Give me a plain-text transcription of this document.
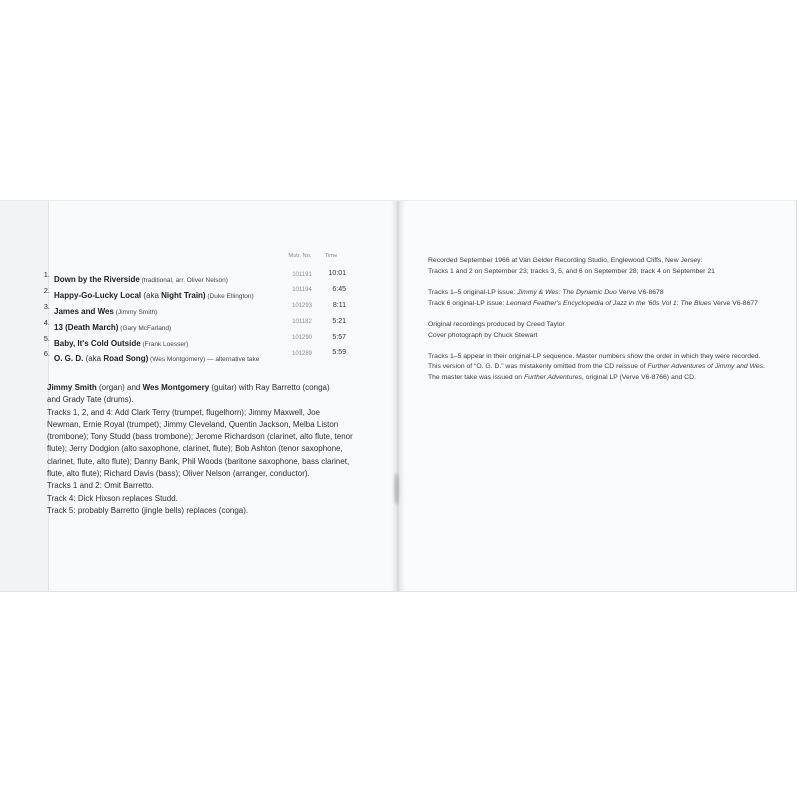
Mstr. No.	Time
1.
Down by the Riverside (traditional, arr. Oliver Nelson)
101191	10:01
2.
Happy-Go-Lucky Local (aka Night Train) (Duke Ellington)
101194	6:45
3.
James and Wes (Jimmy Smith)
101293	8:11
4.
13 (Death March) (Gary McFarland)
101182	5:21
5.
Baby, It's Cold Outside (Frank Loesser)
101290	5:57
6.
O. G. D. (aka Road Song) (Wes Montgomery) — alternative take
101289	5:59
Jimmy Smith (organ) and Wes Montgomery (guitar) with Ray Barretto (conga)
and Grady Tate (drums).
Tracks 1, 2, and 4: Add Clark Terry (trumpet, flugelhorn); Jimmy Maxwell, Joe
Newman, Ernie Royal (trumpet); Jimmy Cleveland, Quentin Jackson, Melba Liston
(trombone); Tony Studd (bass trombone); Jerome Richardson (clarinet, alto flute, tenor
flute); Jerry Dodgion (alto saxophone, clarinet, flute); Bob Ashton (tenor saxophone,
clarinet, flute, alto flute); Danny Bank, Phil Woods (baritone saxophone, bass clarinet,
flute, alto flute); Richard Davis (bass); Oliver Nelson (arranger, conductor).
Tracks 1 and 2: Omit Barretto.
Track 4: Dick Hixson replaces Studd.
Track 5: probably Barretto (jingle bells) replaces (conga).
Recorded September 1966 at Van Gelder Recording Studio, Englewood Cliffs, New Jersey:
Tracks 1 and 2 on September 23; tracks 3, 5, and 6 on September 28; track 4 on September 21
Tracks 1–5 original-LP issue: Jimmy & Wes: The Dynamic Duo Verve V6-8678
Track 6 original-LP issue: Leonard Feather's Encyclopedia of Jazz in the '60s Vol 1: The Blues Verve V6-8677
Original recordings produced by Creed Taylor
Cover photograph by Chuck Stewart
Tracks 1–5 appear in their original-LP sequence. Master numbers show the order in which they were recorded.
This version of “O. G. D.” was mistakenly omitted from the CD reissue of Further Adventures of Jimmy and Wes.
The master take was issued on Further Adventures, original LP (Verve V6-8766) and CD.
